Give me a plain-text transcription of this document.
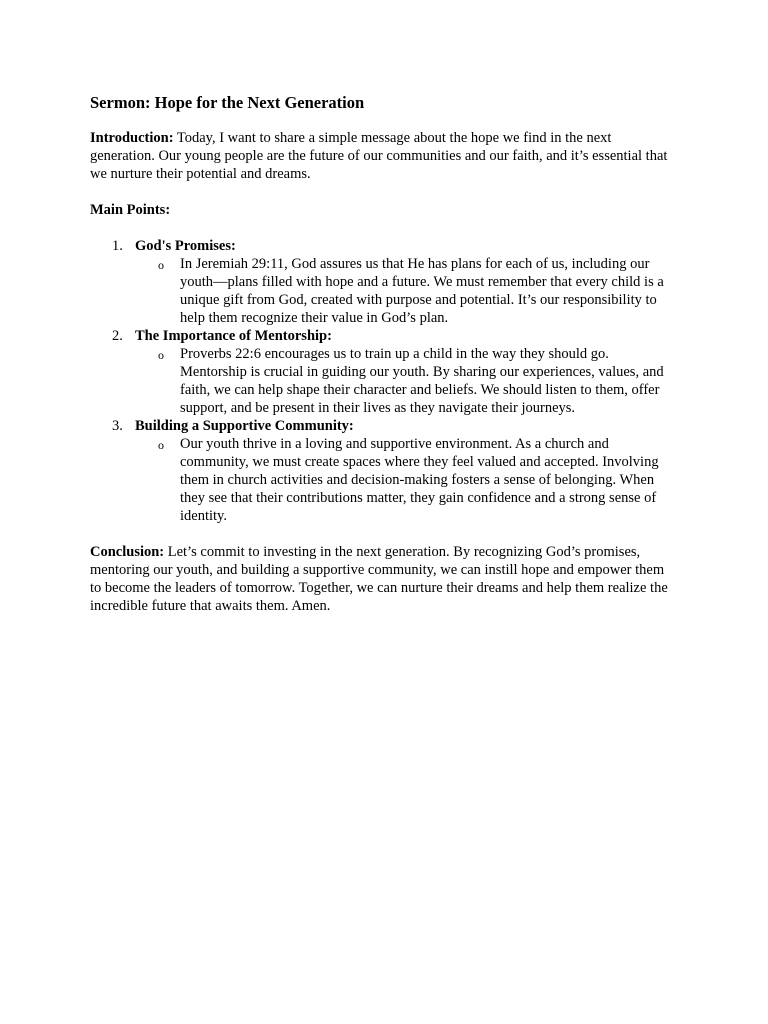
Sermon: Hope for the Next Generation

Introduction: Today, I want to share a simple message about the hope we find in the next generation. Our young people are the future of our communities and our faith, and it’s essential that we nurture their potential and dreams.

Main Points:

1. God's Promises:
o In Jeremiah 29:11, God assures us that He has plans for each of us, including our youth—plans filled with hope and a future. We must remember that every child is a unique gift from God, created with purpose and potential. It’s our responsibility to help them recognize their value in God’s plan.
2. The Importance of Mentorship:
o Proverbs 22:6 encourages us to train up a child in the way they should go. Mentorship is crucial in guiding our youth. By sharing our experiences, values, and faith, we can help shape their character and beliefs. We should listen to them, offer support, and be present in their lives as they navigate their journeys.
3. Building a Supportive Community:
o Our youth thrive in a loving and supportive environment. As a church and community, we must create spaces where they feel valued and accepted. Involving them in church activities and decision-making fosters a sense of belonging. When they see that their contributions matter, they gain confidence and a strong sense of identity.

Conclusion: Let’s commit to investing in the next generation. By recognizing God’s promises, mentoring our youth, and building a supportive community, we can instill hope and empower them to become the leaders of tomorrow. Together, we can nurture their dreams and help them realize the incredible future that awaits them. Amen.
